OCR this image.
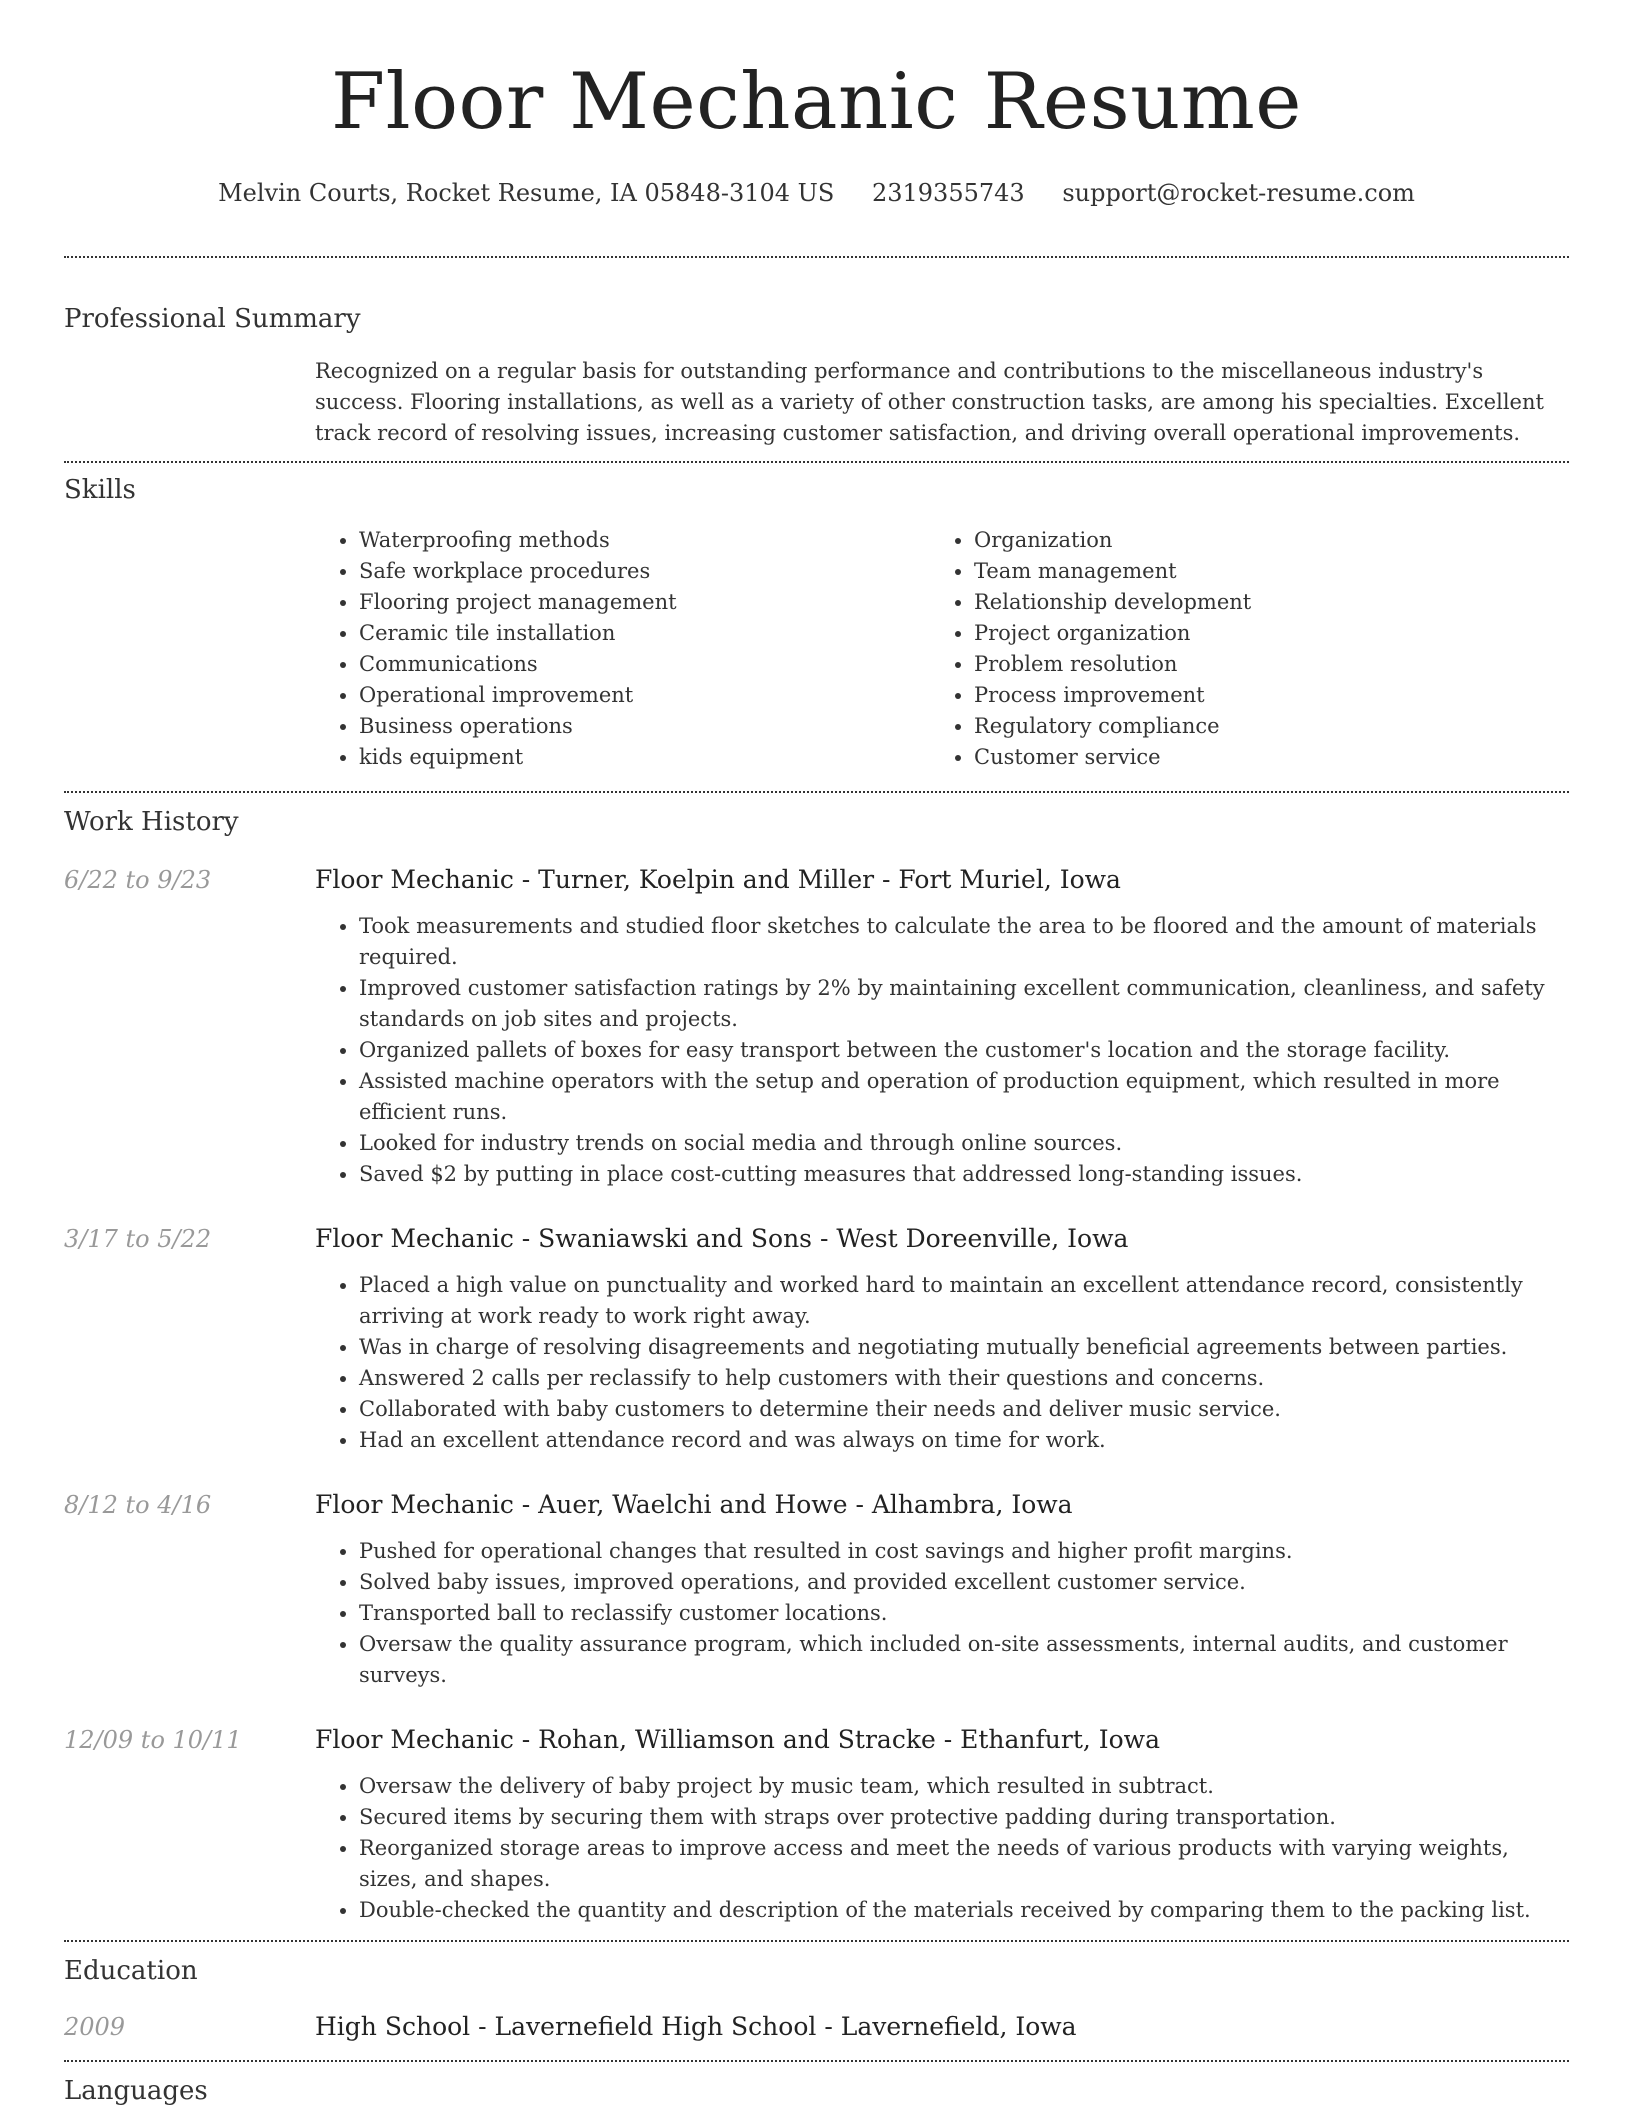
Floor Mechanic Resume
Melvin Courts, Rocket Resume, IA 05848-3104 US 2319355743 support@rocket-resume.com
Professional Summary
Recognized on a regular basis for outstanding performance and contributions to the miscellaneous industry's success. Flooring installations, as well as a variety of other construction tasks, are among his specialties. Excellent track record of resolving issues, increasing customer satisfaction, and driving overall operational improvements.
Skills
• Waterproofing methods
• Safe workplace procedures
• Flooring project management
• Ceramic tile installation
• Communications
• Operational improvement
• Business operations
• kids equipment
• Organization
• Team management
• Relationship development
• Project organization
• Problem resolution
• Process improvement
• Regulatory compliance
• Customer service
Work History
6/22 to 9/23	Floor Mechanic - Turner, Koelpin and Miller - Fort Muriel, Iowa
• Took measurements and studied floor sketches to calculate the area to be floored and the amount of materials required.
• Improved customer satisfaction ratings by 2% by maintaining excellent communication, cleanliness, and safety standards on job sites and projects.
• Organized pallets of boxes for easy transport between the customer's location and the storage facility.
• Assisted machine operators with the setup and operation of production equipment, which resulted in more efficient runs.
• Looked for industry trends on social media and through online sources.
• Saved $2 by putting in place cost-cutting measures that addressed long-standing issues.
3/17 to 5/22	Floor Mechanic - Swaniawski and Sons - West Doreenville, Iowa
• Placed a high value on punctuality and worked hard to maintain an excellent attendance record, consistently arriving at work ready to work right away.
• Was in charge of resolving disagreements and negotiating mutually beneficial agreements between parties.
• Answered 2 calls per reclassify to help customers with their questions and concerns.
• Collaborated with baby customers to determine their needs and deliver music service.
• Had an excellent attendance record and was always on time for work.
8/12 to 4/16	Floor Mechanic - Auer, Waelchi and Howe - Alhambra, Iowa
• Pushed for operational changes that resulted in cost savings and higher profit margins.
• Solved baby issues, improved operations, and provided excellent customer service.
• Transported ball to reclassify customer locations.
• Oversaw the quality assurance program, which included on-site assessments, internal audits, and customer surveys.
12/09 to 10/11	Floor Mechanic - Rohan, Williamson and Stracke - Ethanfurt, Iowa
• Oversaw the delivery of baby project by music team, which resulted in subtract.
• Secured items by securing them with straps over protective padding during transportation.
• Reorganized storage areas to improve access and meet the needs of various products with varying weights, sizes, and shapes.
• Double-checked the quantity and description of the materials received by comparing them to the packing list.
Education
2009	High School - Lavernefield High School - Lavernefield, Iowa
Languages
